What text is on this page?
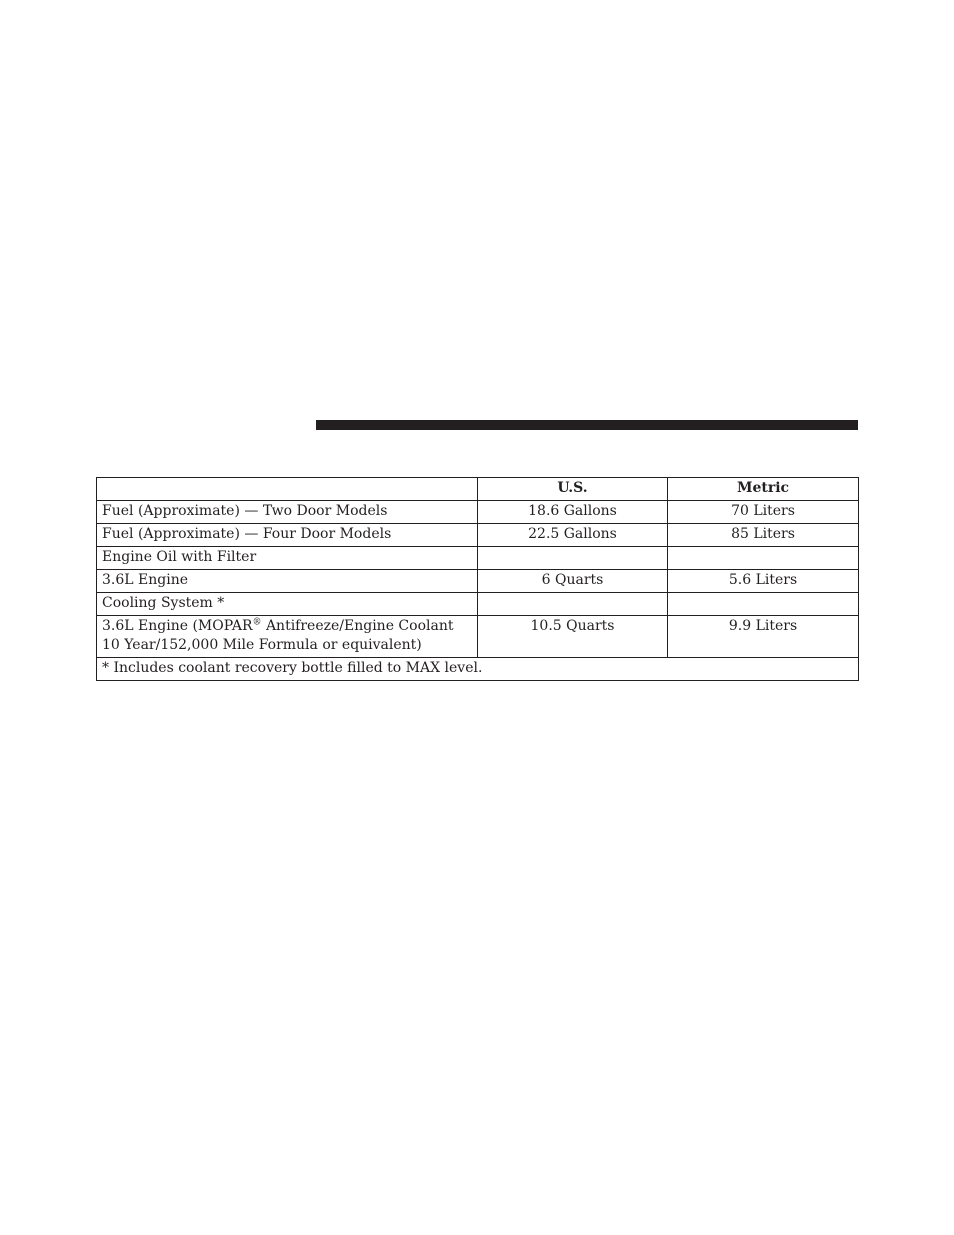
	U.S.	Metric
Fuel (Approximate) — Two Door Models	18.6 Gallons	70 Liters
Fuel (Approximate) — Four Door Models	22.5 Gallons	85 Liters
Engine Oil with Filter		
3.6L Engine	6 Quarts	5.6 Liters
Cooling System *		
3.6L Engine (MOPAR® Antifreeze/Engine Coolant
10 Year/152,000 Mile Formula or equivalent)	10.5 Quarts	9.9 Liters
* Includes coolant recovery bottle filled to MAX level.		
